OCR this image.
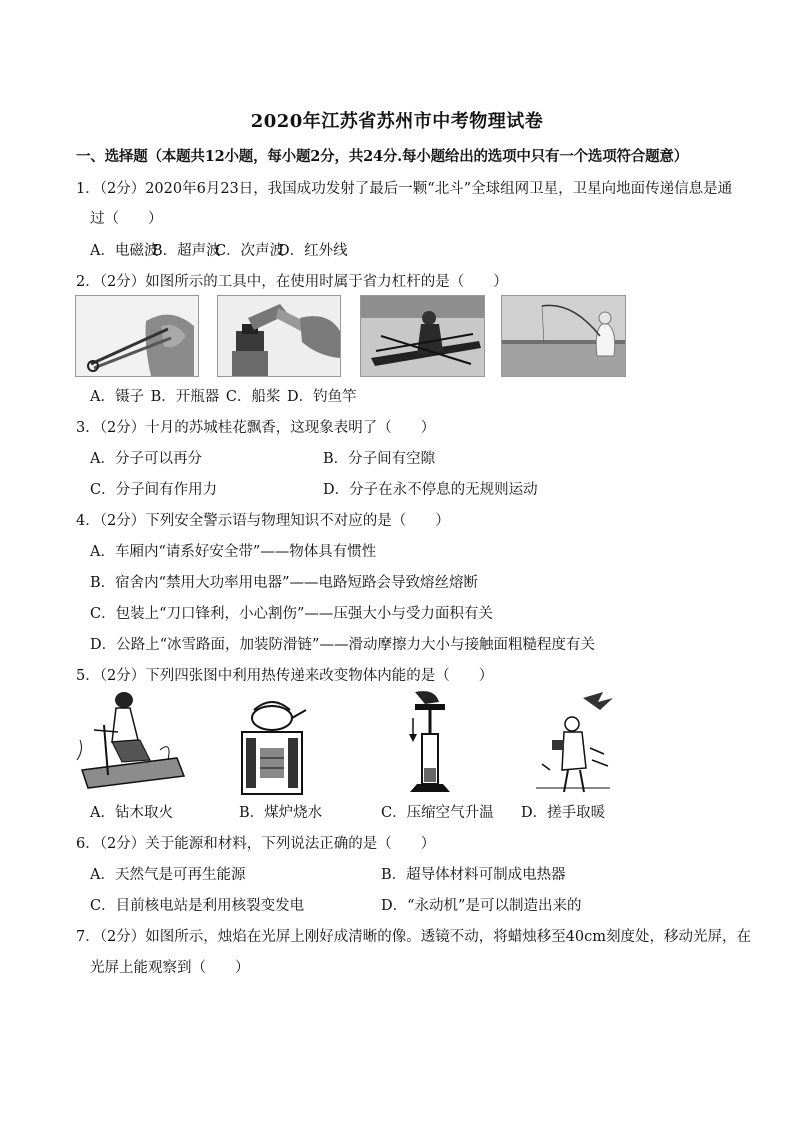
2020年江苏省苏州市中考物理试卷
一、选择题（本题共12小题，每小题2分，共24分.每小题给出的选项中只有一个选项符合题意）
1．（2分）2020年6月23日，我国成功发射了最后一颗“北斗”全球组网卫星，卫星向地面传递信息是通
过（　　）
A．电磁波
B．超声波
C．次声波
D．红外线
2．（2分）如图所示的工具中，在使用时属于省力杠杆的是（　　）
A．镊子 B．开瓶器 C．船桨 D．钓鱼竿
3．（2分）十月的苏城桂花飘香，这现象表明了（　　）
A．分子可以再分	B．分子间有空隙
C．分子间有作用力	D．分子在永不停息的无规则运动
4．（2分）下列安全警示语与物理知识不对应的是（　　）
A．车厢内“请系好安全带”——物体具有惯性
B．宿舍内“禁用大功率用电器”——电路短路会导致熔丝熔断
C．包装上“刀口锋利，小心割伤”——压强大小与受力面积有关
D．公路上“冰雪路面，加装防滑链”——滑动摩擦力大小与接触面粗糙程度有关
5．（2分）下列四张图中利用热传递来改变物体内能的是（　　）
A．钻木取火	B．煤炉烧水	C．压缩空气升温 D．搓手取暖
6．（2分）关于能源和材料，下列说法正确的是（　　）
A．天然气是可再生能源	B．超导体材料可制成电热器
C．目前核电站是利用核裂变发电	D．“永动机”是可以制造出来的
7．（2分）如图所示，烛焰在光屏上刚好成清晰的像。透镜不动，将蜡烛移至40cm刻度处，移动光屏，在
光屏上能观察到（　　）
